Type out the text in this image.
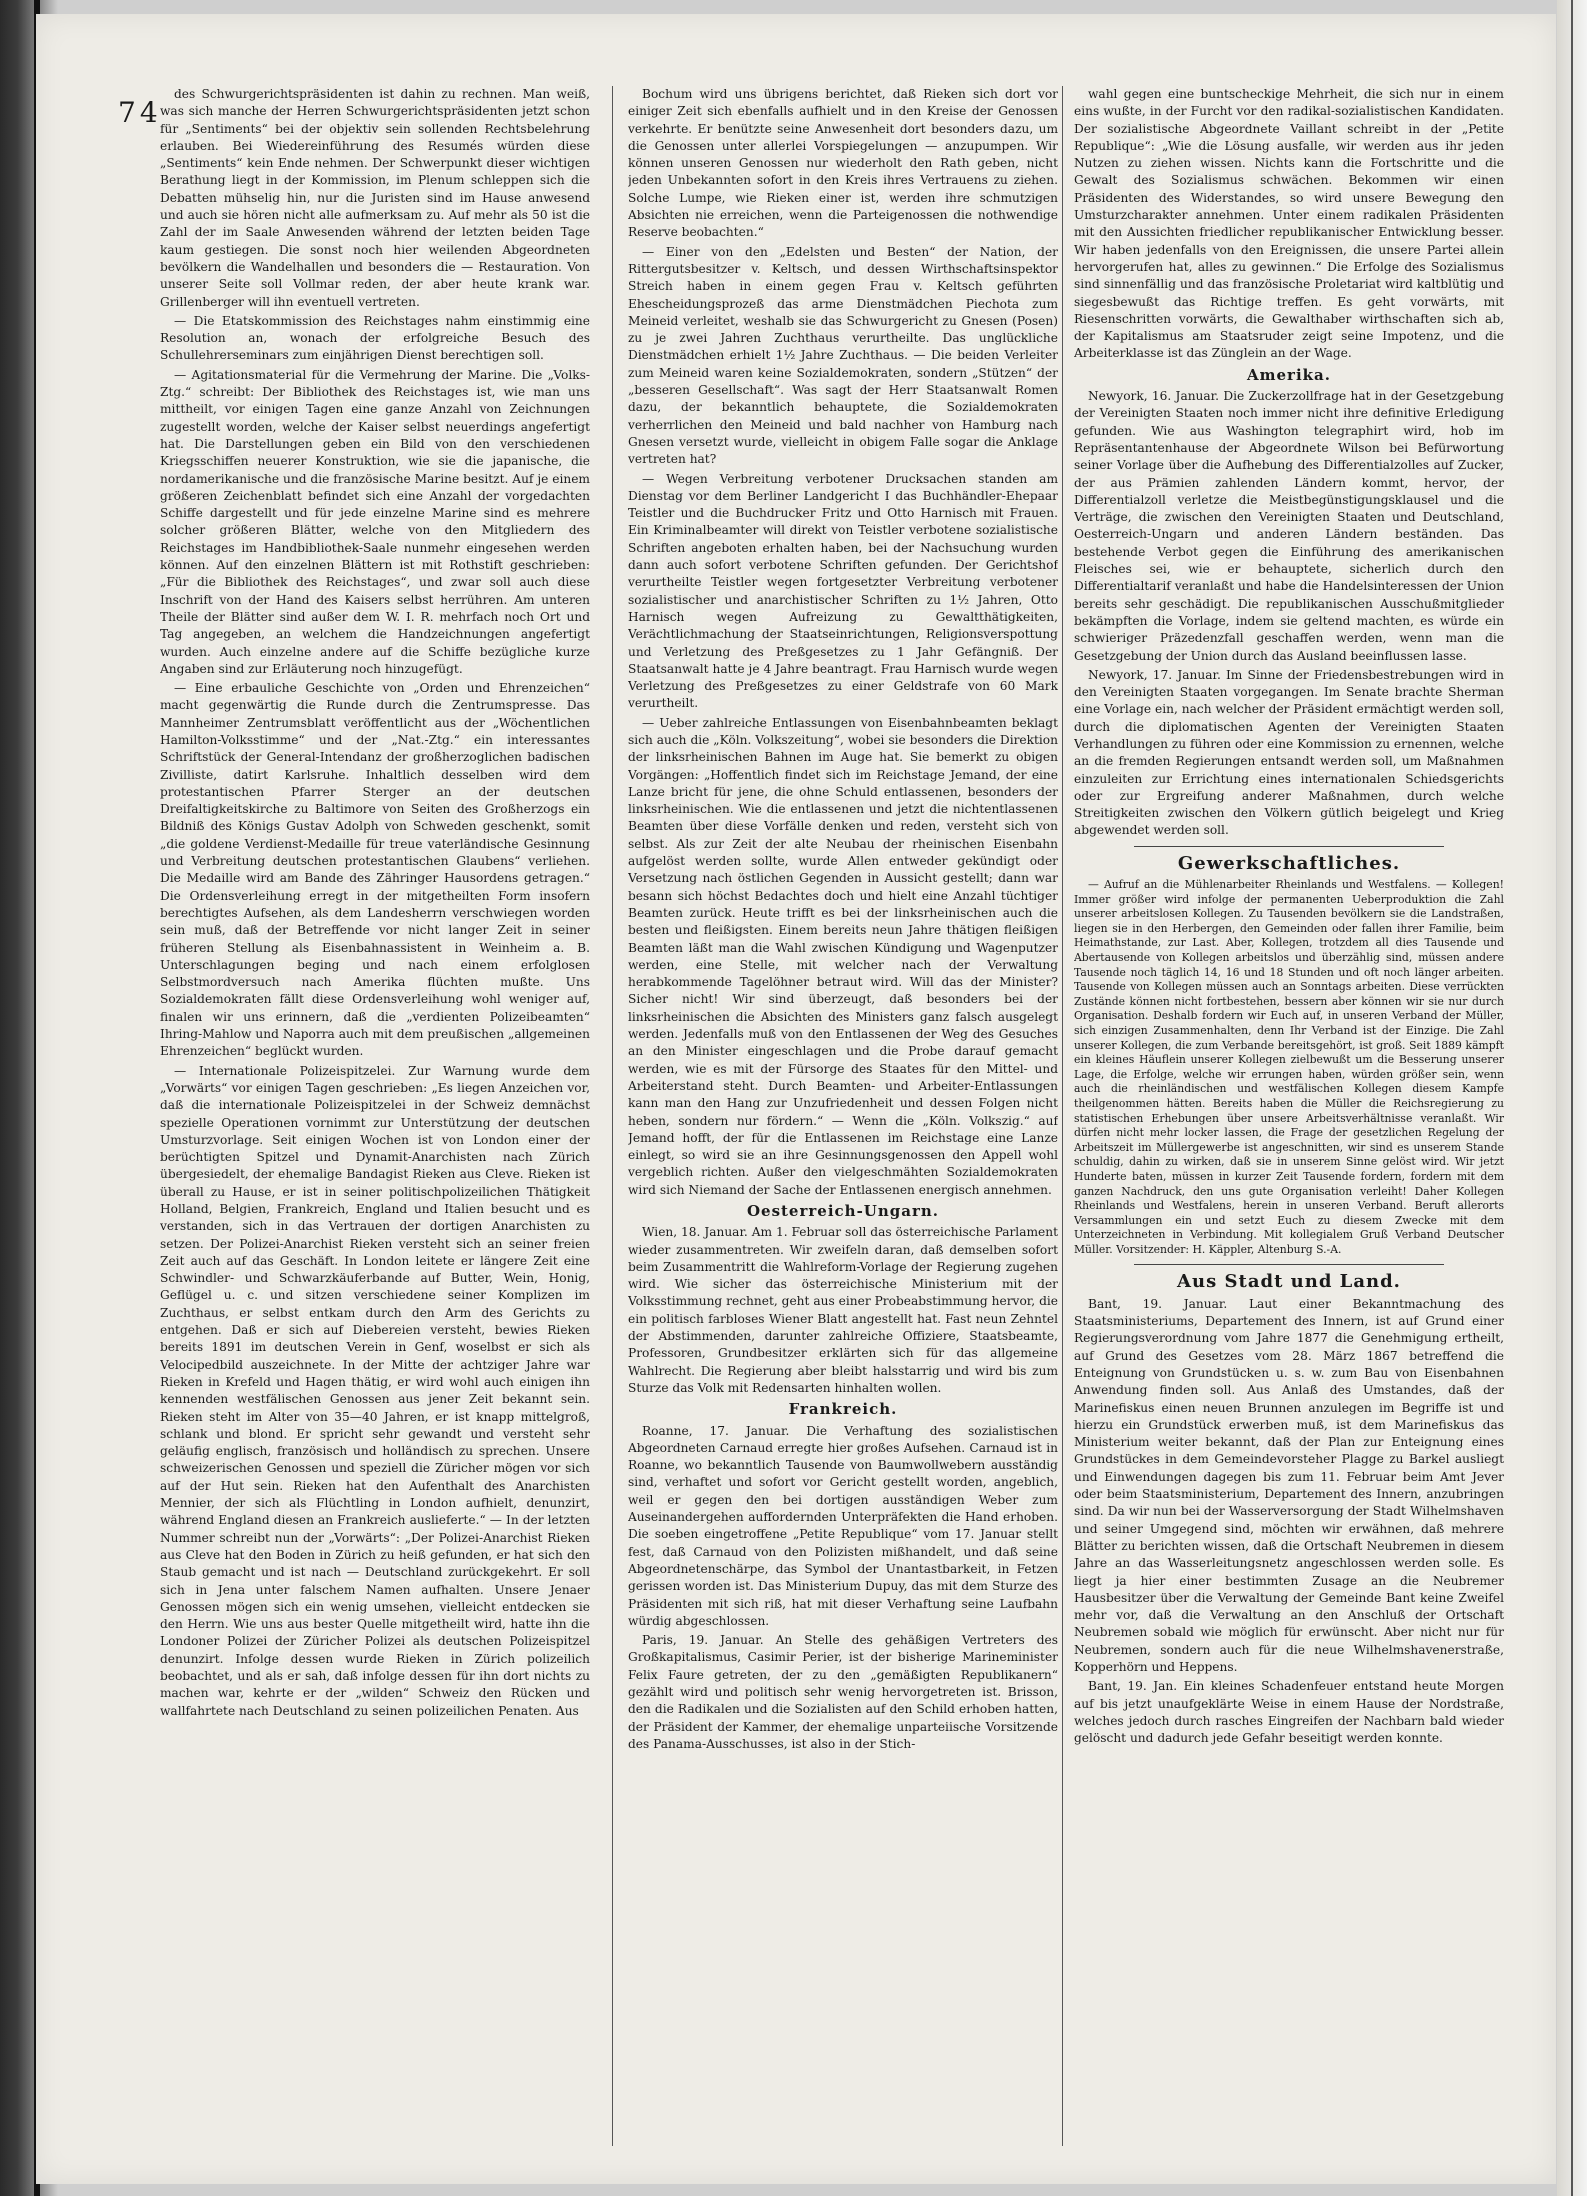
74

des Schwurgerichtspräsidenten ist dahin zu rechnen. Man weiß, was sich manche der Herren Schwurgerichtspräsidenten jetzt schon für „Sentiments“ bei der objektiv sein sollenden Rechtsbelehrung erlauben. Bei Wiedereinführung des Resumés würden diese „Sentiments“ kein Ende nehmen. Der Schwerpunkt dieser wichtigen Berathung liegt in der Kommission, im Plenum schleppen sich die Debatten mühselig hin, nur die Juristen sind im Hause anwesend und auch sie hören nicht alle aufmerksam zu. Auf mehr als 50 ist die Zahl der im Saale Anwesenden während der letzten beiden Tage kaum gestiegen. Die sonst noch hier weilenden Abgeordneten bevölkern die Wandelhallen und besonders die — Restauration. Von unserer Seite soll Vollmar reden, der aber heute krank war. Grillenberger will ihn eventuell vertreten.

— Die Etatskommission des Reichstages nahm einstimmig eine Resolution an, wonach der erfolgreiche Besuch des Schullehrerseminars zum einjährigen Dienst berechtigen soll.

— Agitationsmaterial für die Vermehrung der Marine. Die „Volks-Ztg.“ schreibt: Der Bibliothek des Reichstages ist, wie man uns mittheilt, vor einigen Tagen eine ganze Anzahl von Zeichnungen zugestellt worden, welche der Kaiser selbst neuerdings angefertigt hat. Die Darstellungen geben ein Bild von den verschiedenen Kriegsschiffen neuerer Konstruktion, wie sie die japanische, die nordamerikanische und die französische Marine besitzt. Auf je einem größeren Zeichenblatt befindet sich eine Anzahl der vorgedachten Schiffe dargestellt und für jede einzelne Marine sind es mehrere solcher größeren Blätter, welche von den Mitgliedern des Reichstages im Handbibliothek-Saale nunmehr eingesehen werden können. Auf den einzelnen Blättern ist mit Rothstift geschrieben: „Für die Bibliothek des Reichstages“, und zwar soll auch diese Inschrift von der Hand des Kaisers selbst herrühren. Am unteren Theile der Blätter sind außer dem W. I. R. mehrfach noch Ort und Tag angegeben, an welchem die Handzeichnungen angefertigt wurden. Auch einzelne andere auf die Schiffe bezügliche kurze Angaben sind zur Erläuterung noch hinzugefügt.

— Eine erbauliche Geschichte von „Orden und Ehrenzeichen“ macht gegenwärtig die Runde durch die Zentrumspresse. Das Mannheimer Zentrumsblatt veröffentlicht aus der „Wöchentlichen Hamilton-Volksstimme“ und der „Nat.-Ztg.“ ein interessantes Schriftstück der General-Intendanz der großherzoglichen badischen Zivilliste, datirt Karlsruhe. Inhaltlich desselben wird dem protestantischen Pfarrer Sterger an der deutschen Dreifaltigkeitskirche zu Baltimore von Seiten des Großherzogs ein Bildniß des Königs Gustav Adolph von Schweden geschenkt, somit „die goldene Verdienst-Medaille für treue vaterländische Gesinnung und Verbreitung deutschen protestantischen Glaubens“ verliehen. Die Medaille wird am Bande des Zähringer Hausordens getragen.“ Die Ordensverleihung erregt in der mitgetheilten Form insofern berechtigtes Aufsehen, als dem Landesherrn verschwiegen worden sein muß, daß der Betreffende vor nicht langer Zeit in seiner früheren Stellung als Eisenbahnassistent in Weinheim a. B. Unterschlagungen beging und nach einem erfolglosen Selbstmordversuch nach Amerika flüchten mußte. Uns Sozialdemokraten fällt diese Ordensverleihung wohl weniger auf, finalen wir uns erinnern, daß die „verdienten Polizeibeamten“ Ihring-Mahlow und Naporra auch mit dem preußischen „allgemeinen Ehrenzeichen“ beglückt wurden.

— Internationale Polizeispitzelei. Zur Warnung wurde dem „Vorwärts“ vor einigen Tagen geschrieben: „Es liegen Anzeichen vor, daß die internationale Polizeispitzelei in der Schweiz demnächst spezielle Operationen vornimmt zur Unterstützung der deutschen Umsturzvorlage. Seit einigen Wochen ist von London einer der berüchtigten Spitzel und Dynamit-Anarchisten nach Zürich übergesiedelt, der ehemalige Bandagist Rieken aus Cleve. Rieken ist überall zu Hause, er ist in seiner politischpolizeilichen Thätigkeit Holland, Belgien, Frankreich, England und Italien besucht und es verstanden, sich in das Vertrauen der dortigen Anarchisten zu setzen. Der Polizei-Anarchist Rieken versteht sich an seiner freien Zeit auch auf das Geschäft. In London leitete er längere Zeit eine Schwindler- und Schwarzkäuferbande auf Butter, Wein, Honig, Geflügel u. c. und sitzen verschiedene seiner Komplizen im Zuchthaus, er selbst entkam durch den Arm des Gerichts zu entgehen. Daß er sich auf Diebereien versteht, bewies Rieken bereits 1891 im deutschen Verein in Genf, woselbst er sich als Velocipedbild auszeichnete. In der Mitte der achtziger Jahre war Rieken in Krefeld und Hagen thätig, er wird wohl auch einigen ihn kennenden westfälischen Genossen aus jener Zeit bekannt sein. Rieken steht im Alter von 35—40 Jahren, er ist knapp mittelgroß, schlank und blond. Er spricht sehr gewandt und versteht sehr geläufig englisch, französisch und holländisch zu sprechen. Unsere schweizerischen Genossen und speziell die Züricher mögen vor sich auf der Hut sein. Rieken hat den Aufenthalt des Anarchisten Mennier, der sich als Flüchtling in London aufhielt, denunzirt, während England diesen an Frankreich auslieferte.“ — In der letzten Nummer schreibt nun der „Vorwärts“: „Der Polizei-Anarchist Rieken aus Cleve hat den Boden in Zürich zu heiß gefunden, er hat sich den Staub gemacht und ist nach — Deutschland zurückgekehrt. Er soll sich in Jena unter falschem Namen aufhalten. Unsere Jenaer Genossen mögen sich ein wenig umsehen, vielleicht entdecken sie den Herrn. Wie uns aus bester Quelle mitgetheilt wird, hatte ihn die Londoner Polizei der Züricher Polizei als deutschen Polizeispitzel denunzirt. Infolge dessen wurde Rieken in Zürich polizeilich beobachtet, und als er sah, daß infolge dessen für ihn dort nichts zu machen war, kehrte er der „wilden“ Schweiz den Rücken und wallfahrtete nach Deutschland zu seinen polizeilichen Penaten. Aus

Bochum wird uns übrigens berichtet, daß Rieken sich dort vor einiger Zeit sich ebenfalls aufhielt und in den Kreise der Genossen verkehrte. Er benützte seine Anwesenheit dort besonders dazu, um die Genossen unter allerlei Vorspiegelungen — anzupumpen. Wir können unseren Genossen nur wiederholt den Rath geben, nicht jeden Unbekannten sofort in den Kreis ihres Vertrauens zu ziehen. Solche Lumpe, wie Rieken einer ist, werden ihre schmutzigen Absichten nie erreichen, wenn die Parteigenossen die nothwendige Reserve beobachten.“

— Einer von den „Edelsten und Besten“ der Nation, der Rittergutsbesitzer v. Keltsch, und dessen Wirthschaftsinspektor Streich haben in einem gegen Frau v. Keltsch geführten Ehescheidungsprozeß das arme Dienstmädchen Piechota zum Meineid verleitet, weshalb sie das Schwurgericht zu Gnesen (Posen) zu je zwei Jahren Zuchthaus verurtheilte. Das unglückliche Dienstmädchen erhielt 1½ Jahre Zuchthaus. — Die beiden Verleiter zum Meineid waren keine Sozialdemokraten, sondern „Stützen“ der „besseren Gesellschaft“. Was sagt der Herr Staatsanwalt Romen dazu, der bekanntlich behauptete, die Sozialdemokraten verherrlichen den Meineid und bald nachher von Hamburg nach Gnesen versetzt wurde, vielleicht in obigem Falle sogar die Anklage vertreten hat?

— Wegen Verbreitung verbotener Drucksachen standen am Dienstag vor dem Berliner Landgericht I das Buchhändler-Ehepaar Teistler und die Buchdrucker Fritz und Otto Harnisch mit Frauen. Ein Kriminalbeamter will direkt von Teistler verbotene sozialistische Schriften angeboten erhalten haben, bei der Nachsuchung wurden dann auch sofort verbotene Schriften gefunden. Der Gerichtshof verurtheilte Teistler wegen fortgesetzter Verbreitung verbotener sozialistischer und anarchistischer Schriften zu 1½ Jahren, Otto Harnisch wegen Aufreizung zu Gewaltthätigkeiten, Verächtlichmachung der Staatseinrichtungen, Religionsverspottung und Verletzung des Preßgesetzes zu 1 Jahr Gefängniß. Der Staatsanwalt hatte je 4 Jahre beantragt. Frau Harnisch wurde wegen Verletzung des Preßgesetzes zu einer Geldstrafe von 60 Mark verurtheilt.

— Ueber zahlreiche Entlassungen von Eisenbahnbeamten beklagt sich auch die „Köln. Volkszeitung“, wobei sie besonders die Direktion der linksrheinischen Bahnen im Auge hat. Sie bemerkt zu obigen Vorgängen: „Hoffentlich findet sich im Reichstage Jemand, der eine Lanze bricht für jene, die ohne Schuld entlassenen, besonders der linksrheinischen. Wie die entlassenen und jetzt die nichtentlassenen Beamten über diese Vorfälle denken und reden, versteht sich von selbst. Als zur Zeit der alte Neubau der rheinischen Eisenbahn aufgelöst werden sollte, wurde Allen entweder gekündigt oder Versetzung nach östlichen Gegenden in Aussicht gestellt; dann war besann sich höchst Bedachtes doch und hielt eine Anzahl tüchtiger Beamten zurück. Heute trifft es bei der linksrheinischen auch die besten und fleißigsten. Einem bereits neun Jahre thätigen fleißigen Beamten läßt man die Wahl zwischen Kündigung und Wagenputzer werden, eine Stelle, mit welcher nach der Verwaltung herabkommende Tagelöhner betraut wird. Will das der Minister? Sicher nicht! Wir sind überzeugt, daß besonders bei der linksrheinischen die Absichten des Ministers ganz falsch ausgelegt werden. Jedenfalls muß von den Entlassenen der Weg des Gesuches an den Minister eingeschlagen und die Probe darauf gemacht werden, wie es mit der Fürsorge des Staates für den Mittel- und Arbeiterstand steht. Durch Beamten- und Arbeiter-Entlassungen kann man den Hang zur Unzufriedenheit und dessen Folgen nicht heben, sondern nur fördern.“ — Wenn die „Köln. Volkszig.“ auf Jemand hofft, der für die Entlassenen im Reichstage eine Lanze einlegt, so wird sie an ihre Gesinnungsgenossen den Appell wohl vergeblich richten. Außer den vielgeschmähten Sozialdemokraten wird sich Niemand der Sache der Entlassenen energisch annehmen.

Oesterreich-Ungarn.

Wien, 18. Januar. Am 1. Februar soll das österreichische Parlament wieder zusammentreten. Wir zweifeln daran, daß demselben sofort beim Zusammentritt die Wahlreform-Vorlage der Regierung zugehen wird. Wie sicher das österreichische Ministerium mit der Volksstimmung rechnet, geht aus einer Probeabstimmung hervor, die ein politisch farbloses Wiener Blatt angestellt hat. Fast neun Zehntel der Abstimmenden, darunter zahlreiche Offiziere, Staatsbeamte, Professoren, Grundbesitzer erklärten sich für das allgemeine Wahlrecht. Die Regierung aber bleibt halsstarrig und wird bis zum Sturze das Volk mit Redensarten hinhalten wollen.

Frankreich.

Roanne, 17. Januar. Die Verhaftung des sozialistischen Abgeordneten Carnaud erregte hier großes Aufsehen. Carnaud ist in Roanne, wo bekanntlich Tausende von Baumwollwebern ausständig sind, verhaftet und sofort vor Gericht gestellt worden, angeblich, weil er gegen den bei dortigen ausständigen Weber zum Auseinandergehen auffordernden Unterpräfekten die Hand erhoben. Die soeben eingetroffene „Petite Republique“ vom 17. Januar stellt fest, daß Carnaud von den Polizisten mißhandelt, und daß seine Abgeordnetenschärpe, das Symbol der Unantastbarkeit, in Fetzen gerissen worden ist. Das Ministerium Dupuy, das mit dem Sturze des Präsidenten mit sich riß, hat mit dieser Verhaftung seine Laufbahn würdig abgeschlossen.

Paris, 19. Januar. An Stelle des gehäßigen Vertreters des Großkapitalismus, Casimir Perier, ist der bisherige Marineminister Felix Faure getreten, der zu den „gemäßigten Republikanern“ gezählt wird und politisch sehr wenig hervorgetreten ist. Brisson, den die Radikalen und die Sozialisten auf den Schild erhoben hatten, der Präsident der Kammer, der ehemalige unparteiische Vorsitzende des Panama-Ausschusses, ist also in der Stich-

wahl gegen eine buntscheckige Mehrheit, die sich nur in einem eins wußte, in der Furcht vor den radikal-sozialistischen Kandidaten. Der sozialistische Abgeordnete Vaillant schreibt in der „Petite Republique“: „Wie die Lösung ausfalle, wir werden aus ihr jeden Nutzen zu ziehen wissen. Nichts kann die Fortschritte und die Gewalt des Sozialismus schwächen. Bekommen wir einen Präsidenten des Widerstandes, so wird unsere Bewegung den Umsturzcharakter annehmen. Unter einem radikalen Präsidenten mit den Aussichten friedlicher republikanischer Entwicklung besser. Wir haben jedenfalls von den Ereignissen, die unsere Partei allein hervorgerufen hat, alles zu gewinnen.“ Die Erfolge des Sozialismus sind sinnenfällig und das französische Proletariat wird kaltblütig und siegesbewußt das Richtige treffen. Es geht vorwärts, mit Riesenschritten vorwärts, die Gewalthaber wirthschaften sich ab, der Kapitalismus am Staatsruder zeigt seine Impotenz, und die Arbeiterklasse ist das Zünglein an der Wage.

Amerika.

Newyork, 16. Januar. Die Zuckerzollfrage hat in der Gesetzgebung der Vereinigten Staaten noch immer nicht ihre definitive Erledigung gefunden. Wie aus Washington telegraphirt wird, hob im Repräsentantenhause der Abgeordnete Wilson bei Befürwortung seiner Vorlage über die Aufhebung des Differentialzolles auf Zucker, der aus Prämien zahlenden Ländern kommt, hervor, der Differentialzoll verletze die Meistbegünstigungsklausel und die Verträge, die zwischen den Vereinigten Staaten und Deutschland, Oesterreich-Ungarn und anderen Ländern beständen. Das bestehende Verbot gegen die Einführung des amerikanischen Fleisches sei, wie er behauptete, sicherlich durch den Differentialtarif veranlaßt und habe die Handelsinteressen der Union bereits sehr geschädigt. Die republikanischen Ausschußmitglieder bekämpften die Vorlage, indem sie geltend machten, es würde ein schwieriger Präzedenzfall geschaffen werden, wenn man die Gesetzgebung der Union durch das Ausland beeinflussen lasse.

Newyork, 17. Januar. Im Sinne der Friedensbestrebungen wird in den Vereinigten Staaten vorgegangen. Im Senate brachte Sherman eine Vorlage ein, nach welcher der Präsident ermächtigt werden soll, durch die diplomatischen Agenten der Vereinigten Staaten Verhandlungen zu führen oder eine Kommission zu ernennen, welche an die fremden Regierungen entsandt werden soll, um Maßnahmen einzuleiten zur Errichtung eines internationalen Schiedsgerichts oder zur Ergreifung anderer Maßnahmen, durch welche Streitigkeiten zwischen den Völkern gütlich beigelegt und Krieg abgewendet werden soll.

Gewerkschaftliches.

— Aufruf an die Mühlenarbeiter Rheinlands und Westfalens. — Kollegen! Immer größer wird infolge der permanenten Ueberproduktion die Zahl unserer arbeitslosen Kollegen. Zu Tausenden bevölkern sie die Landstraßen, liegen sie in den Herbergen, den Gemeinden oder fallen ihrer Familie, beim Heimathstande, zur Last. Aber, Kollegen, trotzdem all dies Tausende und Abertausende von Kollegen arbeitslos und überzählig sind, müssen andere Tausende noch täglich 14, 16 und 18 Stunden und oft noch länger arbeiten. Tausende von Kollegen müssen auch an Sonntags arbeiten. Diese verrückten Zustände können nicht fortbestehen, bessern aber können wir sie nur durch Organisation. Deshalb fordern wir Euch auf, in unseren Verband der Müller, sich einzigen Zusammenhalten, denn Ihr Verband ist der Einzige. Die Zahl unserer Kollegen, die zum Verbande bereitsgehört, ist groß. Seit 1889 kämpft ein kleines Häuflein unserer Kollegen zielbewußt um die Besserung unserer Lage, die Erfolge, welche wir errungen haben, würden größer sein, wenn auch die rheinländischen und westfälischen Kollegen diesem Kampfe theilgenommen hätten. Bereits haben die Müller die Reichsregierung zu statistischen Erhebungen über unsere Arbeitsverhältnisse veranlaßt. Wir dürfen nicht mehr locker lassen, die Frage der gesetzlichen Regelung der Arbeitszeit im Müllergewerbe ist angeschnitten, wir sind es unserem Stande schuldig, dahin zu wirken, daß sie in unserem Sinne gelöst wird. Wir jetzt Hunderte baten, müssen in kurzer Zeit Tausende fordern, fordern mit dem ganzen Nachdruck, den uns gute Organisation verleiht! Daher Kollegen Rheinlands und Westfalens, herein in unseren Verband. Beruft allerorts Versammlungen ein und setzt Euch zu diesem Zwecke mit dem Unterzeichneten in Verbindung. Mit kollegialem Gruß Verband Deutscher Müller. Vorsitzender: H. Käppler, Altenburg S.-A.

Aus Stadt und Land.

Bant, 19. Januar. Laut einer Bekanntmachung des Staatsministeriums, Departement des Innern, ist auf Grund einer Regierungsverordnung vom Jahre 1877 die Genehmigung ertheilt, auf Grund des Gesetzes vom 28. März 1867 betreffend die Enteignung von Grundstücken u. s. w. zum Bau von Eisenbahnen Anwendung finden soll. Aus Anlaß des Umstandes, daß der Marinefiskus einen neuen Brunnen anzulegen im Begriffe ist und hierzu ein Grundstück erwerben muß, ist dem Marinefiskus das Ministerium weiter bekannt, daß der Plan zur Enteignung eines Grundstückes in dem Gemeindevorsteher Plagge zu Barkel ausliegt und Einwendungen dagegen bis zum 11. Februar beim Amt Jever oder beim Staatsministerium, Departement des Innern, anzubringen sind. Da wir nun bei der Wasserversorgung der Stadt Wilhelmshaven und seiner Umgegend sind, möchten wir erwähnen, daß mehrere Blätter zu berichten wissen, daß die Ortschaft Neubremen in diesem Jahre an das Wasserleitungsnetz angeschlossen werden solle. Es liegt ja hier einer bestimmten Zusage an die Neubremer Hausbesitzer über die Verwaltung der Gemeinde Bant keine Zweifel mehr vor, daß die Verwaltung an den Anschluß der Ortschaft Neubremen sobald wie möglich für erwünscht. Aber nicht nur für Neubremen, sondern auch für die neue Wilhelmshavenerstraße, Kopperhörn und Heppens.

Bant, 19. Jan. Ein kleines Schadenfeuer entstand heute Morgen auf bis jetzt unaufgeklärte Weise in einem Hause der Nordstraße, welches jedoch durch rasches Eingreifen der Nachbarn bald wieder gelöscht und dadurch jede Gefahr beseitigt werden konnte.
